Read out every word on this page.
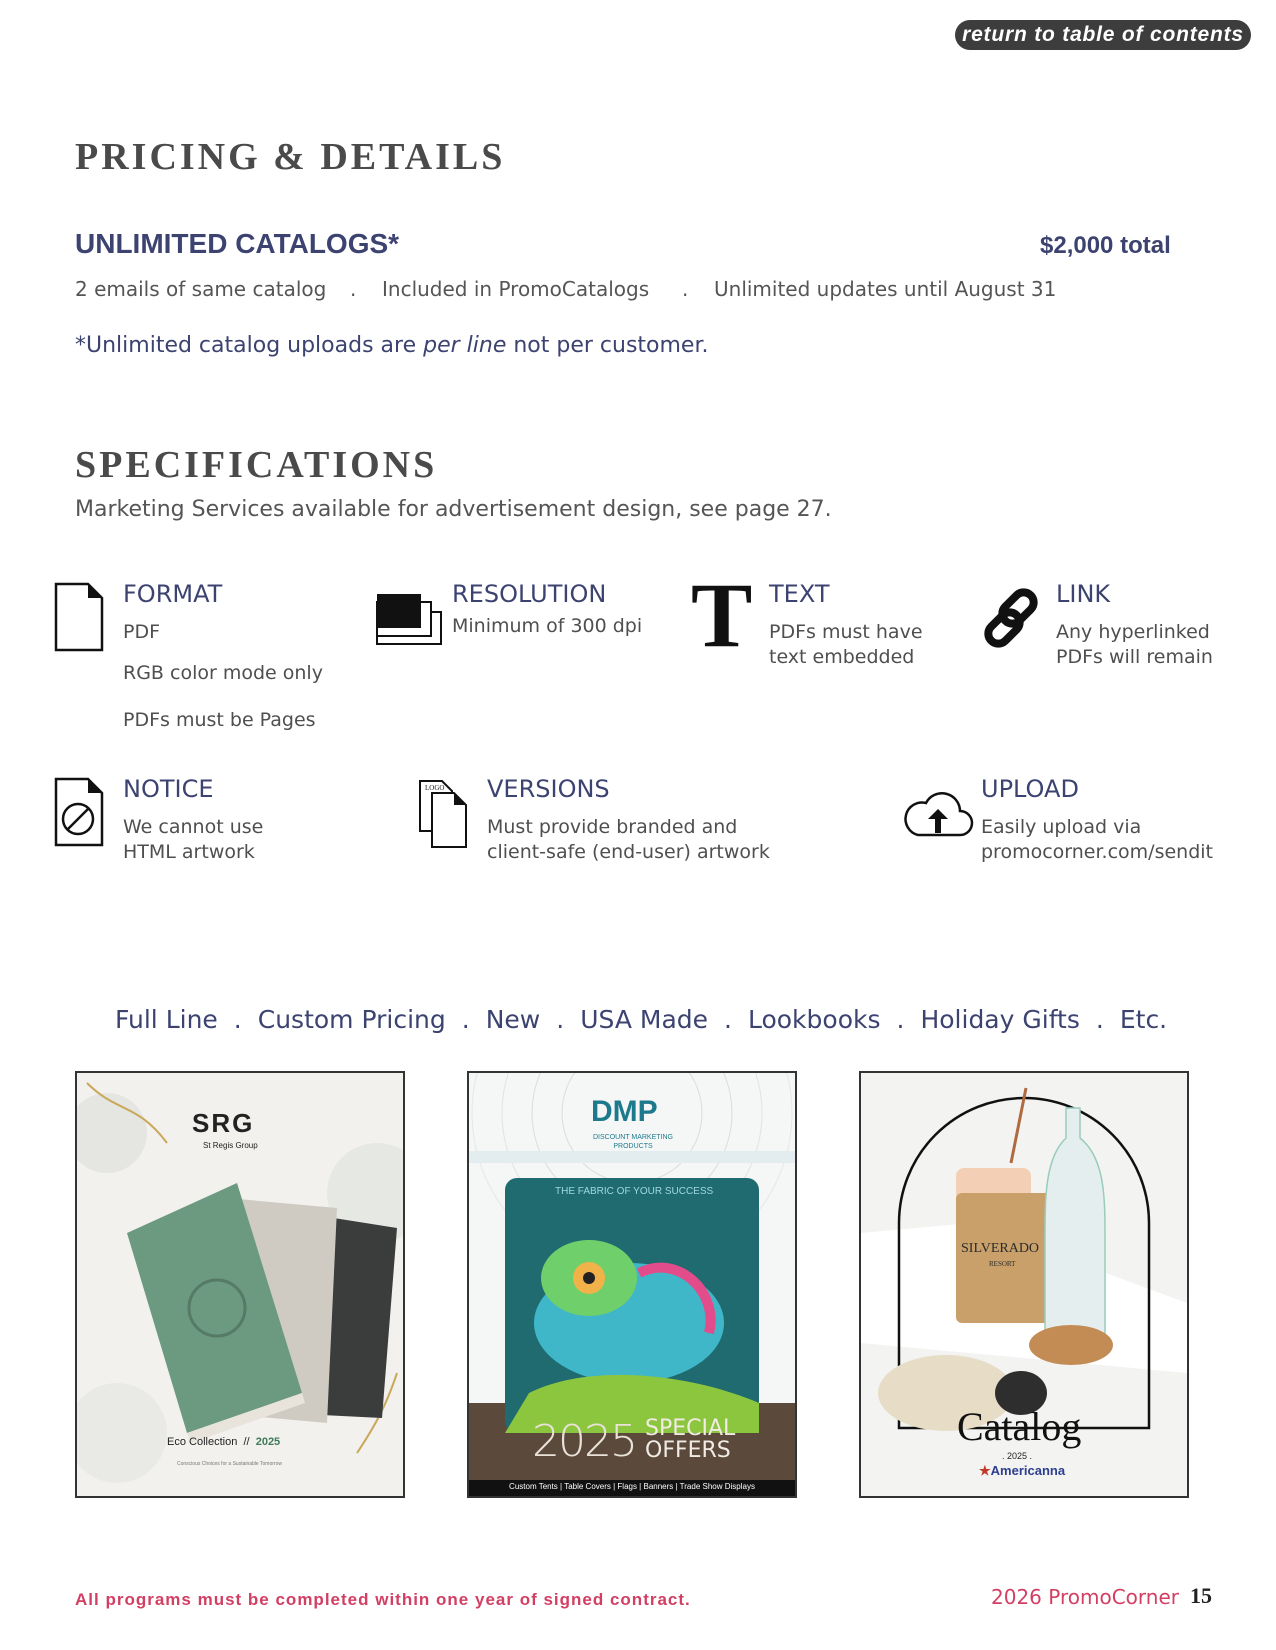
return to table of contents
PRICING & DETAILS
UNLIMITED CATALOGS*	$2,000 total
2 emails of same catalog . Included in PromoCatalogs . Unlimited updates until August 31
*Unlimited catalog uploads are per line not per customer.
SPECIFICATIONS
Marketing Services available for advertisement design, see page 27.
FORMAT
PDF
RGB color mode only
PDFs must be Pages
RESOLUTION
Minimum of 300 dpi T TEXT
PDFs must have
text embedded
LINK
Any hyperlinked
PDFs will remain
NOTICE
We cannot use
HTML artwork
LOGO VERSIONS
Must provide branded and
client-safe (end-user) artwork
UPLOAD
Easily upload via
promocorner.com/sendit
Full Line . Custom Pricing . New . USA Made . Lookbooks . Holiday Gifts . Etc.
SRG
St Regis Group
Eco Collection // 2025
Conscious Choices for a Sustainable Tomorrow
DMP
DISCOUNT MARKETING PRODUCTS
THE FABRIC OF YOUR SUCCESS
2025 SPECIAL
OFFERS
Custom Tents | Table Covers | Flags | Banners | Trade Show Displays
SILVERADO
RESORT
Catalog
. 2025 .
★Americanna
All programs must be completed within one year of signed contract.	2026 PromoCorner 15
